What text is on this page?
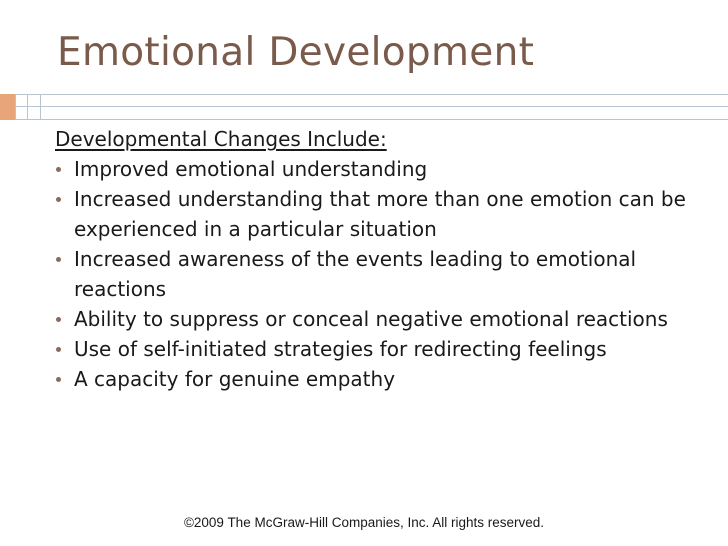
Emotional Development
Developmental Changes Include:
Improved emotional understanding
Increased understanding that more than one emotion can be experienced in a particular situation
Increased awareness of the events leading to emotional reactions
Ability to suppress or conceal negative emotional reactions
Use of self-initiated strategies for redirecting feelings
A capacity for genuine empathy
©2009 The McGraw-Hill Companies, Inc. All rights reserved.
